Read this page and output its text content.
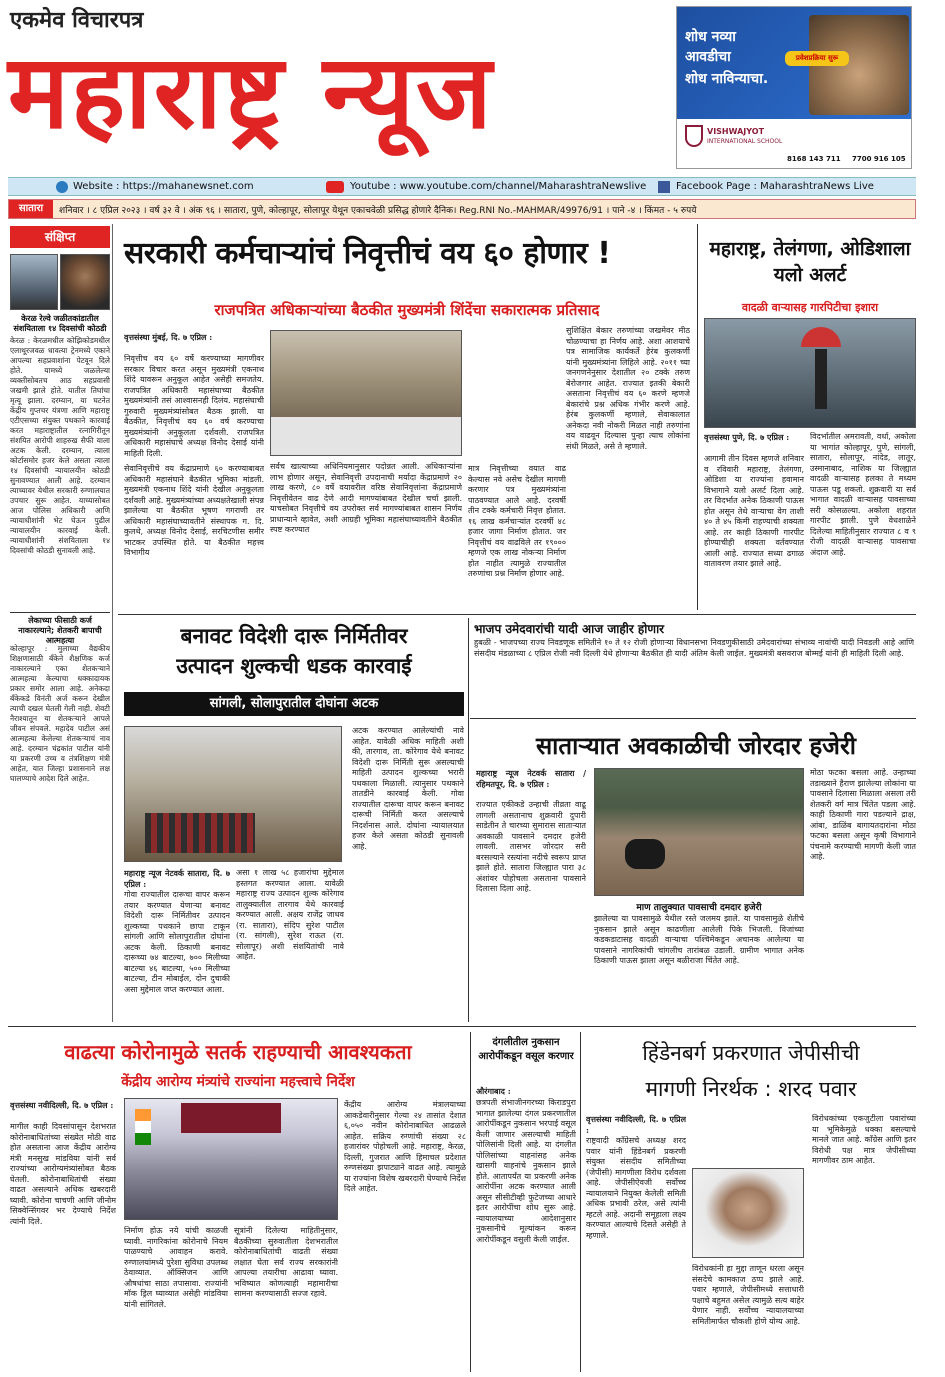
एकमेव विचारपत्र
महाराष्ट्र न्यूज	शोध नव्या
आवडीचा
शोध नाविन्याचा.
प्रवेशप्रक्रिया सुरू
VISHWAJYOT
INTERNATIONAL SCHOOL
8168 143 711 7700 916 105
Website : https://mahanewsnet.com	Youtube : www.youtube.com/channel/MaharashtraNewslive	Facebook Page : MaharashtraNews Live
सातारा	शनिवार । ८ एप्रिल २०२३ । वर्ष ३२ वे । अंक ९६ । सातारा, पुणे, कोल्हापूर, सोलापूर येथून एकाचवेळी प्रसिद्ध होणारे दैनिक। Reg.RNI No.-MAHMAR/49976/91 । पाने -४ । किंमत - ५ रुपये
संक्षिप्त
केरळ रेल्वे जळीतकांडातील संशयिताला १४ दिवसांची कोठडी
केरळ : केरळमधील कोझिकोडमधील एलाथूरजवळ धावत्या ट्रेनमध्ये एकाने आपल्या सहप्रवाशांना पेटवून दिले होते. यामध्ये जळलेल्या व्यक्तीसोबतच आठ सहप्रवासी जखमी झाले होते. यातील तिघांचा मृत्यू झाला. दरम्यान, या घटनेत केंद्रीय गुप्तचर यंत्रणा आणि महाराष्ट्र एटीएसच्या संयुक्त पथकाने कारवाई करत महाराष्ट्रातील रत्नागिरीतून संशयित आरोपी शाहरुख सैफी याला अटक केली. दरम्यान, त्याला कोर्टासमोर हजर केले असता त्याला १४ दिवसांची न्यायालयीन कोठडी सुनावण्यात आली आहे. दरम्यान त्याच्यावर येथील सरकारी रुग्णालयात उपचार सुरू आहेत. याच्यासोबत आज पोलिस अधिकारी आणि न्यायाधीशांनी भेट घेऊन पुढील न्यायालयीन कारवाई केली. न्यायाधीशांनी संशयिताला १४ दिवसांची कोठडी सुनावली आहे.
लेकाच्या फीसाठी कर्ज नाकारल्याने; शेतकरी बापाची आत्महत्या
कोल्हापूर : मुलाच्या वैद्यकीय शिक्षणासाठी बँकेने शैक्षणिक कर्ज नाकारल्याने एका शेतकऱ्याने आत्महत्या केल्याचा धक्कादायक प्रकार समोर आला आहे. अनेकदा बँकेकडे विनंती अर्ज करून देखील त्याची दखल घेतली गेली नाही. शेवटी नैराश्यातून या शेतकऱ्याने आपले जीवन संपवले. महादेव पाटील असं आत्महत्या केलेल्या शेतकऱ्याचं नाव आहे. दरम्यान चंद्रकांत पाटील यांनी या प्रकरणी उच्च व तंत्रशिक्षण मंत्री आहेत, यात जिल्हा प्रशासनाने लक्ष घालण्याचे आदेश दिले आहेत.
सरकारी कर्मचाऱ्यांचं निवृत्तीचं वय ६० होणार !
राजपत्रित अधिकाऱ्यांच्या बैठकीत मुख्यमंत्री शिंदेंचा सकारात्मक प्रतिसाद
वृत्तसंस्था मुंबई, दि. ७ एप्रिल :
निवृत्तीच वय ६० वर्षे करण्याच्या मागणीवर सरकार विचार करत असून मुख्यमंत्री एकनाथ शिंदे यावरून अनुकूल आहेत असेही समजतेय. राजपत्रित अधिकारी महासंघाच्या बैठकीत मुख्यमंत्र्यांनी तसं आश्वासनही दिलंय. महासंघाची गुरुवारी मुख्यमंत्र्यांसोबत बैठक झाली. या बैठकीत, निवृत्तीचं वय ६० वर्ष करण्याचा मुख्यमंत्र्यांनी अनुकूलता दर्शवली. राजपत्रित अधिकारी महासंघाचे अध्यक्ष विनोद देसाई यांनी माहिती दिली.
सेवानिवृत्तीचे वय केंद्राप्रमाणे ६० करण्याबाबत अधिकारी महासंघाने बैठकीत भूमिका मांडली. मुख्यमंत्री एकनाथ शिंदे यांनी देखील अनुकूलता दर्शवली आहे. मुख्यमंत्र्यांच्या अध्यक्षतेखाली संपन्न झालेल्या या बैठकीत भूषण गगराणी तर अधिकारी महासंघाच्यावतीने संस्थापक ग. दि. कुलथे, अध्यक्ष विनोद देसाई, सरचिटणीस समीर भाटकर उपस्थित होते. या बैठकीत महत्त्व विभागीय
सर्वच खात्याच्या अधिनियमानुसार पदोन्नत आली. अधिकाऱ्यांना लाभ होणार असून, सेवानिवृत्ती उपदानाची मर्यादा केंद्राप्रमाणे २० लाख करणे, ८० वर्षे वयावरील वरिष्ठ सेवानिवृत्तांना केंद्राप्रमाणे निवृत्तीवेतन वाढ देणे आदी मागण्यांबाबत देखील चर्चा झाली. याचसोबत निवृत्तीचे वय उपरोक्त सर्व मागण्यांबाबत शासन निर्णय प्राधान्याने व्हावेत, अशी आग्रही भूमिका महासंघाच्यावतीने बैठकीत स्पष्ट करण्यात
मात्र निवृत्तीच्या वयात वाढ केल्यास नवे असेच देखील मागणी करणार पत्र मुख्यमंत्र्यांना पाठवण्यात आले आहे. दरवर्षी तीन टक्के कर्मचारी निवृत्त होतात. १६ लाख कर्मचाऱ्यांत दरवर्षी ४८ हजार जागा निर्माण होतात. जर निवृत्तीचं वय वाढविले तर १९००० म्हणजे एक लाख नोकऱ्या निर्माण होत नाहीत त्यामुळे राज्यातील तरुणांचा प्रश्न निर्माण होणार आहे.
सुशिक्षित बेकार तरुणांच्या जखमेवर मीठ चोळण्याचा हा निर्णय आहे. अशा आशयाचे पत्र सामाजिक कार्यकर्ते हेरंब कुलकर्णी यांनी मुख्यमंत्र्यांना लिहिले आहे. २०११ च्या जनगणनेनुसार देशातील २० टक्के तरुण बेरोजगार आहेत. राज्यात इतकी बेकारी असताना निवृत्तीचं वय ६० करणे म्हणजे बेकारांचे प्रश्न अधिक गंभीर करणे आहे. हेरंब कुलकर्णी म्हणाले, सेवाकालात अनेकदा नवी नोकरी मिळत नाही तरुणांना वय वाढवून दिल्यास पुन्हा त्याच लोकांना संधी मिळते, असे ते म्हणाले.
महाराष्ट्र, तेलंगणा, ओडिशाला यलो अलर्ट
वादळी वाऱ्यासह गारपिटीचा इशारा
वृत्तसंस्था पुणे, दि. ७ एप्रिल :
आगामी तीन दिवस म्हणजे शनिवार व रविवारी महाराष्ट्र, तेलंगणा, ओडिशा या राज्यांना हवामान विभागाने यलो अलर्ट दिला आहे. तर विदर्भात अनेक ठिकाणी पाऊस होत असून तेथे वाऱ्याचा वेग ताशी ४० ते ४५ किमी राहण्याची शक्यता आहे. तर काही ठिकाणी गारपीट होण्याचीही शक्यता वर्तवण्यात आली आहे. राज्यात सध्या ढगाळ वातावरण तयार झाले आहे.
विदर्भातील अमरावती, वर्धा, अकोला या भागांत कोल्हापूर, पुणे, सांगली, सातारा, सोलापूर, नांदेड, लातूर, उस्मानाबाद, नाशिक या जिल्ह्यात वादळी वाऱ्यासह हलका ते मध्यम पाऊस पडू शकतो. शुक्रवारी या सर्व भागात वादळी वाऱ्यासह पावसाच्या सरी कोसळल्या. अकोला शहरात गारपीट झाली. पुणे वेधशाळेने दिलेल्या माहितीनुसार राज्यात ८ व ९ रोजी वादळी वाऱ्यासह पावसाचा अंदाज आहे.
बनावट विदेशी दारू निर्मितीवर
उत्पादन शुल्कची धडक कारवाई
सांगली, सोलापुरातील दोघांना अटक
अटक करण्यात आलेल्यांची नावे आहेत. यावेळी अधिक माहिती अशी की, तारगाव, ता. कोरेगाव येथे बनावट विदेशी दारू निर्मिती सुरू असल्याची माहिती उत्पादन शुल्कच्या भरारी पथकाला मिळाली. त्यानुसार पथकाने तातडीने कारवाई केली. गोवा राज्यातील दारूचा वापर करून बनावट दारूची निर्मिती करत असल्याचे निदर्शनास आले. दोघांना न्यायालयात हजर केले असता कोठडी सुनावली आहे.
महाराष्ट्र न्यूज नेटवर्क सातारा, दि. ७ एप्रिल :
गोवा राज्यातील दारूचा वापर करून तयार करण्यात येणाऱ्या बनावट विदेशी दारू निर्मितीवर उत्पादन शुल्कच्या पथकाने छापा टाकून सांगली आणि सोलापुरातील दोघांना अटक केली. ठिकाणी बनावट दारूच्या ७४ बाटल्या, ७०० मिलीच्या बाटल्या ४६ बाटल्या, ५०० मिलीच्या बाटल्या, टीन मोबाईल, दोन दुचाकी असा मुद्देमाल जप्त करण्यात आला.
असा १ लाख ५८ हजारांचा मुद्देमाल हस्तगत करण्यात आला. यावेळी महाराष्ट्र राज्य उत्पादन शुल्क कोरेगाव तालुक्यातील तारगाव येथे कारवाई करण्यात आली. अक्षय राजेंद्र जाधव (रा. सातारा), संदिप सुरेश पाटील (रा. सांगली), सुरेश राऊत (रा. सोलापूर) अशी संशयितांची नावे आहेत.
भाजप उमेदवारांची यादी आज जाहीर होणार
हुबळी - भाजपच्या राज्य निवडणूक समितीने १० ते १२ रोजी होणाऱ्या विधानसभा निवडणुकीसाठी उमेदवारांच्या संभाव्य नावांची यादी निवडली आहे आणि संसदीय मंडळाच्या ८ एप्रिल रोजी नवी दिल्ली येथे होणाऱ्या बैठकीत ही यादी अंतिम केली जाईल. मुख्यमंत्री बसवराज बोम्मई यांनी ही माहिती दिली आहे.
साताऱ्यात अवकाळीची जोरदार हजेरी
महाराष्ट्र न्यूज नेटवर्क सातारा / रहिमतपूर, दि. ७ एप्रिल :
राज्यात एकीकडे उन्हाची तीव्रता वाढू लागली असतानाच शुक्रवारी दुपारी साडेतीन ते चारच्या सुमारास साताऱ्यात अवकाळी पावसाने दमदार हजेरी लावली. तासभर जोरदार सरी बरसल्याने रस्त्यांना नदीचे स्वरूप प्राप्त झाले होते. सातारा जिल्ह्यात पारा ३८ अंशांवर पोहोचला असताना पावसाने दिलासा दिला आहे.
माण तालुक्यात पावसाची दमदार हजेरी
झालेल्या या पावसामुळे येथील रस्ते जलमय झाले. या पावसामुळे शेतीचे नुकसान झाले असून काढणीला आलेली पिके भिजली. विजांच्या कडकडाटासह वादळी वाऱ्याचा पश्चिमेकडून अचानक आलेल्या या पावसाने नागरिकांची चांगलीच तारांबळ उडाली. ग्रामीण भागात अनेक ठिकाणी पाऊस झाला असून बळीराजा चिंतेत आहे.
मोठा फटका बसला आहे. उन्हाच्या तडाख्याने हैराण झालेल्या लोकांना या पावसाने दिलासा मिळाला असला तरी शेतकरी वर्ग मात्र चिंतेत पडला आहे. काही ठिकाणी गारा पडल्याने द्राक्ष, आंबा, डाळिंब बागायतदारांना मोठा फटका बसला असून कृषी विभागाने पंचनामे करण्याची मागणी केली जात आहे.
वाढत्या कोरोनामुळे सतर्क राहण्याची आवश्यकता
केंद्रीय आरोग्य मंत्र्यांचे राज्यांना महत्त्वाचे निर्देश
वृत्तसंस्था नवीदिल्ली, दि. ७ एप्रिल :
मागील काही दिवसांपासून देशभरात कोरोनाबाधितांच्या संख्येत मोठी वाढ होत असताना आज केंद्रीय आरोग्य मंत्री मनसुख मांडविया यांनी सर्व राज्यांच्या आरोग्यमंत्र्यांसोबत बैठक घेतली. कोरोनाबाधितांची संख्या वाढत असल्याने अधिक खबरदारी घ्यावी. कोरोना चाचणी आणि जीनोम सिक्वेन्सिंगवर भर देण्याचे निर्देश त्यांनी दिले.
निर्माण होऊ नये यांची काळजी घ्यावी. नागरिकांना कोरोनाचे नियम पाळण्याचे आवाहन करावे. रुग्णालयांमध्ये पुरेशा सुविधा उपलब्ध ठेवाव्यात. ऑक्सिजन आणि औषधांचा साठा तपासावा. राज्यांनी मॉक ड्रिल घ्याव्यात असेही मांडविया यांनी सांगितले.
सूत्रांनी दिलेल्या माहितीनुसार, बैठकीच्या सुरुवातीला देशभरातील कोरोनाबाधितांची वाढती संख्या लक्षात घेता सर्व राज्य सरकारांनी आपल्या तयारीचा आढावा घ्यावा. भविष्यात कोणत्याही महामारीचा सामना करण्यासाठी सज्ज रहावे.
केंद्रीय आरोग्य मंत्रालयाच्या आकडेवारीनुसार गेल्या २४ तासांत देशात ६,०५० नवीन कोरोनाबाधित आढळले आहेत. सक्रिय रुग्णांची संख्या २८ हजारांवर पोहोचली आहे. महाराष्ट्र, केरळ, दिल्ली, गुजरात आणि हिमाचल प्रदेशात रुग्णसंख्या झपाट्याने वाढत आहे. त्यामुळे या राज्यांना विशेष खबरदारी घेण्याचे निर्देश दिले आहेत.
दंगलीतील नुकसान आरोपींकडून वसूल करणार
औरंगाबाद :
छत्रपती संभाजीनगरच्या किराडपुरा भागात झालेल्या दंगल प्रकरणातील आरोपींकडून नुकसान भरपाई वसूल केली जाणार असल्याची माहिती पोलिसांनी दिली आहे. या दंगलीत पोलिसांच्या वाहनांसह अनेक खासगी वाहनांचे नुकसान झाले होते. आतापर्यंत या प्रकरणी अनेक आरोपींना अटक करण्यात आली असून सीसीटीव्ही फुटेजच्या आधारे इतर आरोपींचा शोध सुरू आहे. न्यायालयाच्या आदेशानुसार नुकसानीचे मूल्यांकन करून आरोपींकडून वसुली केली जाईल.
हिंडेनबर्ग प्रकरणात जेपीसीची
मागणी निरर्थक : शरद पवार
वृत्तसंस्था नवीदिल्ली, दि. ७ एप्रिल :
राष्ट्रवादी काँग्रेसचे अध्यक्ष शरद पवार यांनी हिंडेनबर्ग प्रकरणी संयुक्त संसदीय समितीच्या (जेपीसी) मागणीला विरोध दर्शवला आहे. जेपीसीऐवजी सर्वोच्च न्यायालयाने नियुक्त केलेली समिती अधिक प्रभावी ठरेल, असे त्यांनी म्हटले आहे. अदानी समूहाला लक्ष्य करण्यात आल्याचे दिसते असेही ते म्हणाले.
विरोधकांनी हा मुद्दा ताणून धरला असून संसदेचे कामकाज ठप्प झाले आहे. पवार म्हणाले, जेपीसीमध्ये सत्ताधारी पक्षाचे बहुमत असेल त्यामुळे सत्य बाहेर येणार नाही. सर्वोच्च न्यायालयाच्या समितीमार्फत चौकशी होणे योग्य आहे.
विरोधकांच्या एकजुटीला पवारांच्या या भूमिकेमुळे धक्का बसल्याचे मानले जात आहे. काँग्रेस आणि इतर विरोधी पक्ष मात्र जेपीसीच्या मागणीवर ठाम आहेत.
